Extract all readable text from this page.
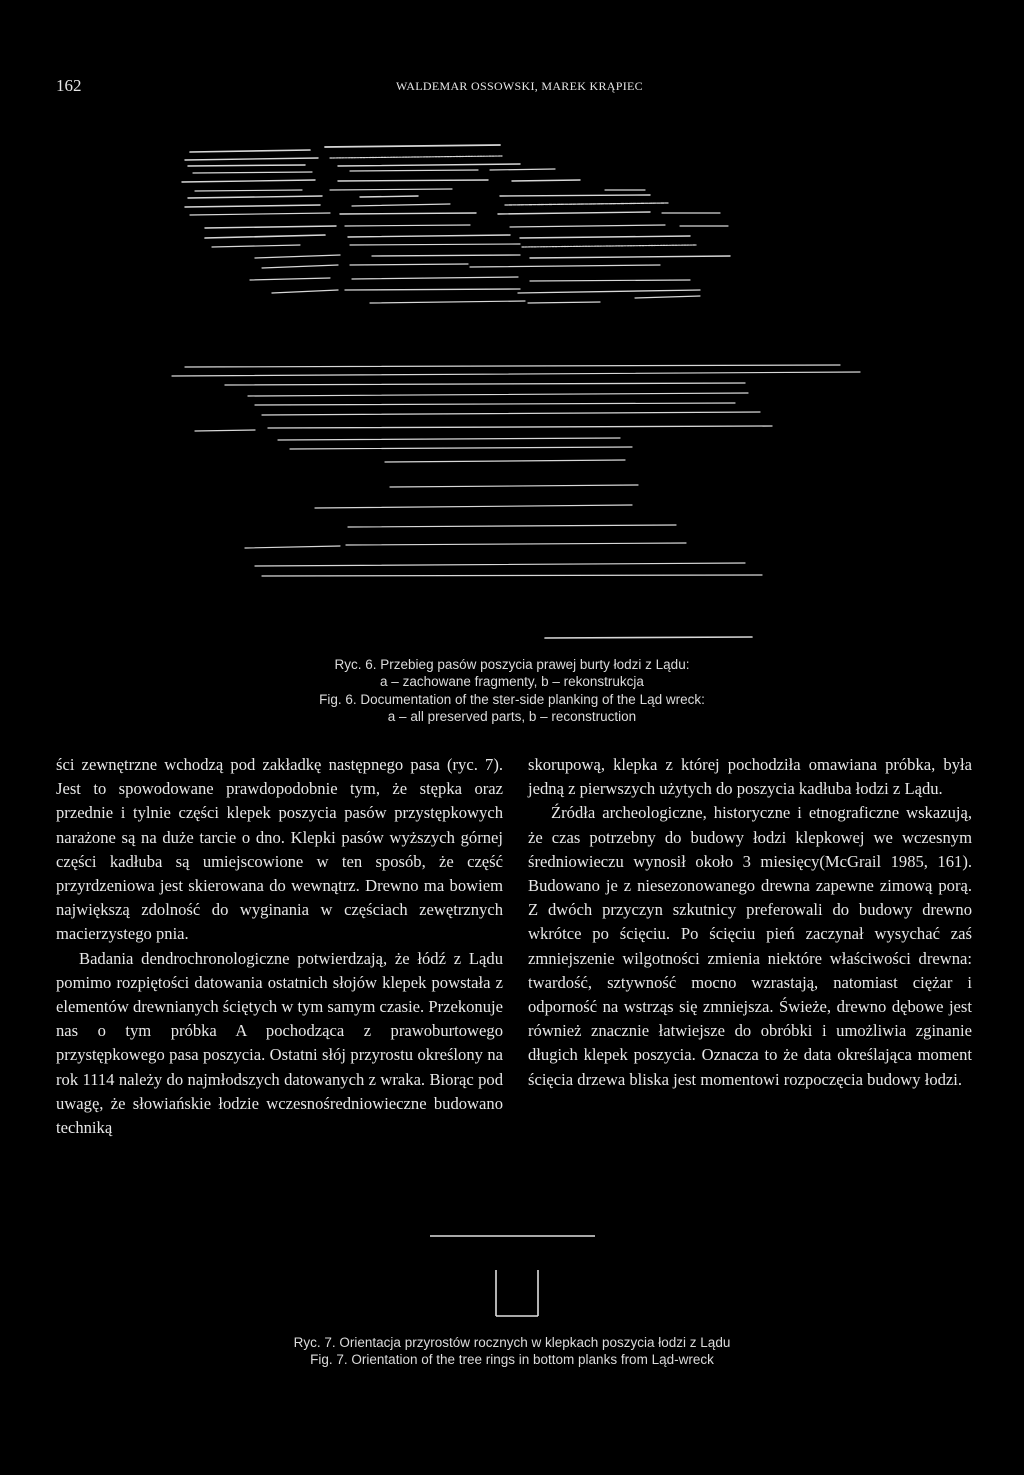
162	WALDEMAR OSSOWSKI, MAREK KRĄPIEC
Ryc. 6. Przebieg pasów poszycia prawej burty łodzi z Lądu:
a – zachowane fragmenty, b – rekonstrukcja
Fig. 6. Documentation of the ster-side planking of the Ląd wreck:
a – all preserved parts, b – reconstruction

ści zewnętrzne wchodzą pod zakładkę następnego pasa (ryc. 7). Jest to spowodowane prawdopodobnie tym, że stępka oraz przednie i tylnie części klepek poszycia pasów przystępkowych narażone są na duże tarcie o dno. Klepki pasów wyższych górnej części kadłuba są umiejscowione w ten sposób, że część przyrdzeniowa jest skierowana do wewnątrz. Drewno ma bowiem największą zdolność do wyginania w częściach zewętrznych macierzystego pnia.

Badania dendrochronologiczne potwierdzają, że łódź z Lądu pomimo rozpiętości datowania ostatnich słojów klepek powstała z elementów drewnianych ściętych w tym samym czasie. Przekonuje nas o tym próbka A pochodząca z prawoburtowego przystępkowego pasa poszycia. Ostatni słój przyrostu określony na rok 1114 należy do najmłodszych datowanych z wraka. Biorąc pod uwagę, że słowiańskie łodzie wczesnośredniowieczne budowano techniką

skorupową, klepka z której pochodziła omawiana próbka, była jedną z pierwszych użytych do poszycia kadłuba łodzi z Lądu.

Źródła archeologiczne, historyczne i etnograficzne wskazują, że czas potrzebny do budowy łodzi klepkowej we wczesnym średniowieczu wynosił około 3 miesięcy(McGrail 1985, 161). Budowano je z niesezonowanego drewna zapewne zimową porą. Z dwóch przyczyn szkutnicy preferowali do budowy drewno wkrótce po ścięciu. Po ścięciu pień zaczynał wysychać zaś zmniejszenie wilgotności zmienia niektóre właściwości drewna: twardość, sztywność mocno wzrastają, natomiast ciężar i odporność na wstrząs się zmniejsza. Świeże, drewno dębowe jest również znacznie łatwiejsze do obróbki i umożliwia zginanie długich klepek poszycia. Oznacza to że data określająca moment ścięcia drzewa bliska jest momentowi rozpoczęcia budowy łodzi.

Ryc. 7. Orientacja przyrostów rocznych w klepkach poszycia łodzi z Lądu
Fig. 7. Orientation of the tree rings in bottom planks from Ląd-wreck
